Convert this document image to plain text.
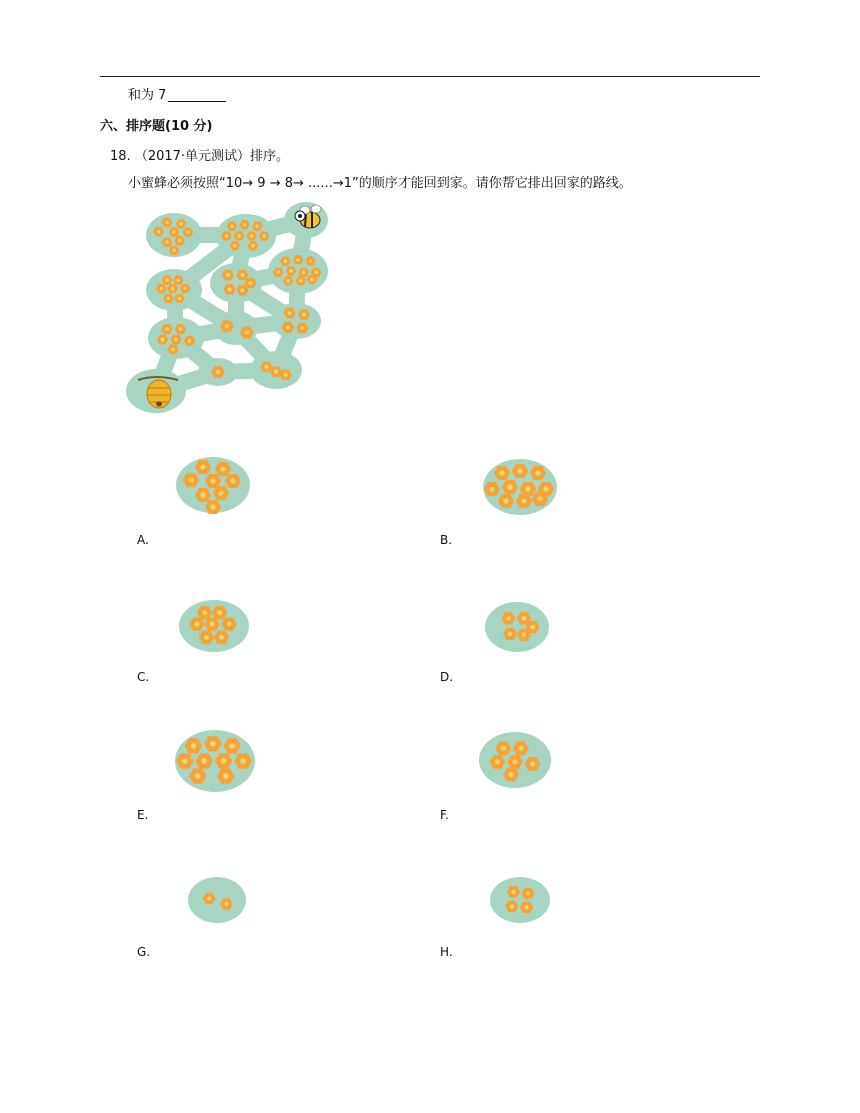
和为 7
六、排序题(10 分)
18. （2017·单元测试）排序。
小蜜蜂必须按照“10→ 9 → 8→ ......→1”的顺序才能回到家。请你帮它排出回家的路线。
A.	B.
C.	D.
E.	F.
G.	H.
